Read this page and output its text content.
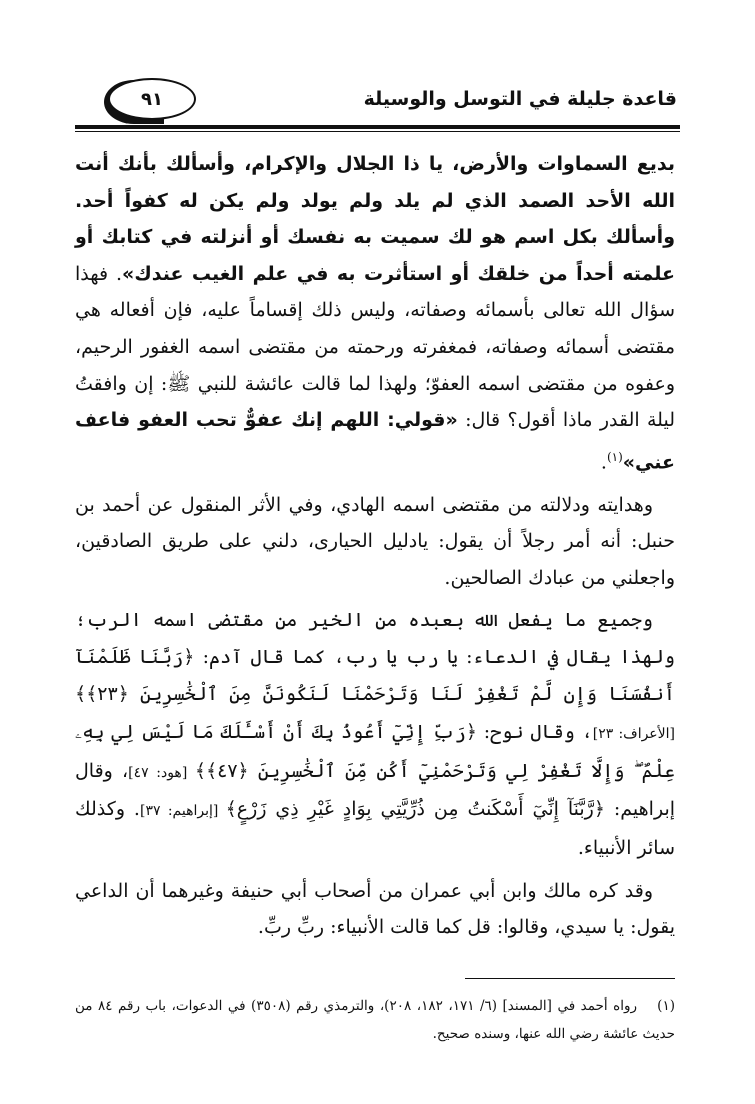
قاعدة جليلة في التوسل والوسيلة
٩١

بديع السماوات والأرض، يا ذا الجلال والإكرام، وأسألك بأنك أنت الله الأحد الصمد الذي لم يلد ولم يولد ولم يكن له كفواً أحد. وأسألك بكل اسم هو لك سميت به نفسك أو أنزلته في كتابك أو علمته أحداً من خلقك أو استأثرت به في علم الغيب عندك». فهذا سؤال الله تعالى بأسمائه وصفاته، وليس ذلك إقساماً عليه، فإن أفعاله هي مقتضى أسمائه وصفاته، فمغفرته ورحمته من مقتضى اسمه الغفور الرحيم، وعفوه من مقتضى اسمه العفوّ؛ ولهذا لما قالت عائشة للنبي ﷺ: إن وافقتُ ليلة القدر ماذا أقول؟ قال: «قولي: اللهم إنك عفوٌّ تحب العفو فاعف عني»$^{(١)}$.

وهدايته ودلالته من مقتضى اسمه الهادي، وفي الأثر المنقول عن أحمد بن حنبل: أنه أمر رجلاً أن يقول: يادليل الحيارى، دلني على طريق الصادقين، واجعلني من عبادك الصالحين.

وجميع ما يفعل الله بعبده من الخير من مقتضى اسمه الرب؛ ولهذا يقال في الدعاء: يا رب يا رب، كما قال آدم: ﴿رَبَّنَا ظَلَمْنَآ أَنفُسَنَا وَإِن لَّمْ تَغْفِرْ لَنَا وَتَرْحَمْنَا لَنَكُونَنَّ مِنَ ٱلْخَٰسِرِينَ ﴿٢٣﴾﴾ [الأعراف: ٢٣]، وقال نوح: ﴿رَبِّ إِنِّيٓ أَعُوذُ بِكَ أَنْ أَسْـَٔلَكَ مَا لَيْسَ لِي بِهِۦ عِلْمٌ ۖ وَإِلَّا تَغْفِرْ لِي وَتَرْحَمْنِيٓ أَكُن مِّنَ ٱلْخَٰسِرِينَ ﴿٤٧﴾﴾ [هود: ٤٧]، وقال إبراهيم: ﴿رَّبَّنَآ إِنِّيٓ أَسْكَنتُ مِن ذُرِّيَّتِي بِوَادٍ غَيْرِ ذِي زَرْعٍ﴾ [إبراهيم: ٣٧]. وكذلك سائر الأنبياء.

وقد كره مالك وابن أبي عمران من أصحاب أبي حنيفة وغيرهما أن الداعي يقول: يا سيدي، وقالوا: قل كما قالت الأنبياء: ربِّ ربِّ.

(١)رواه أحمد في [المسند] (٦/ ١٧١، ١٨٢، ٢٠٨)، والترمذي رقم (٣٥٠٨) في الدعوات، باب رقم ٨٤ من حديث عائشة رضي الله عنها، وسنده صحيح.
